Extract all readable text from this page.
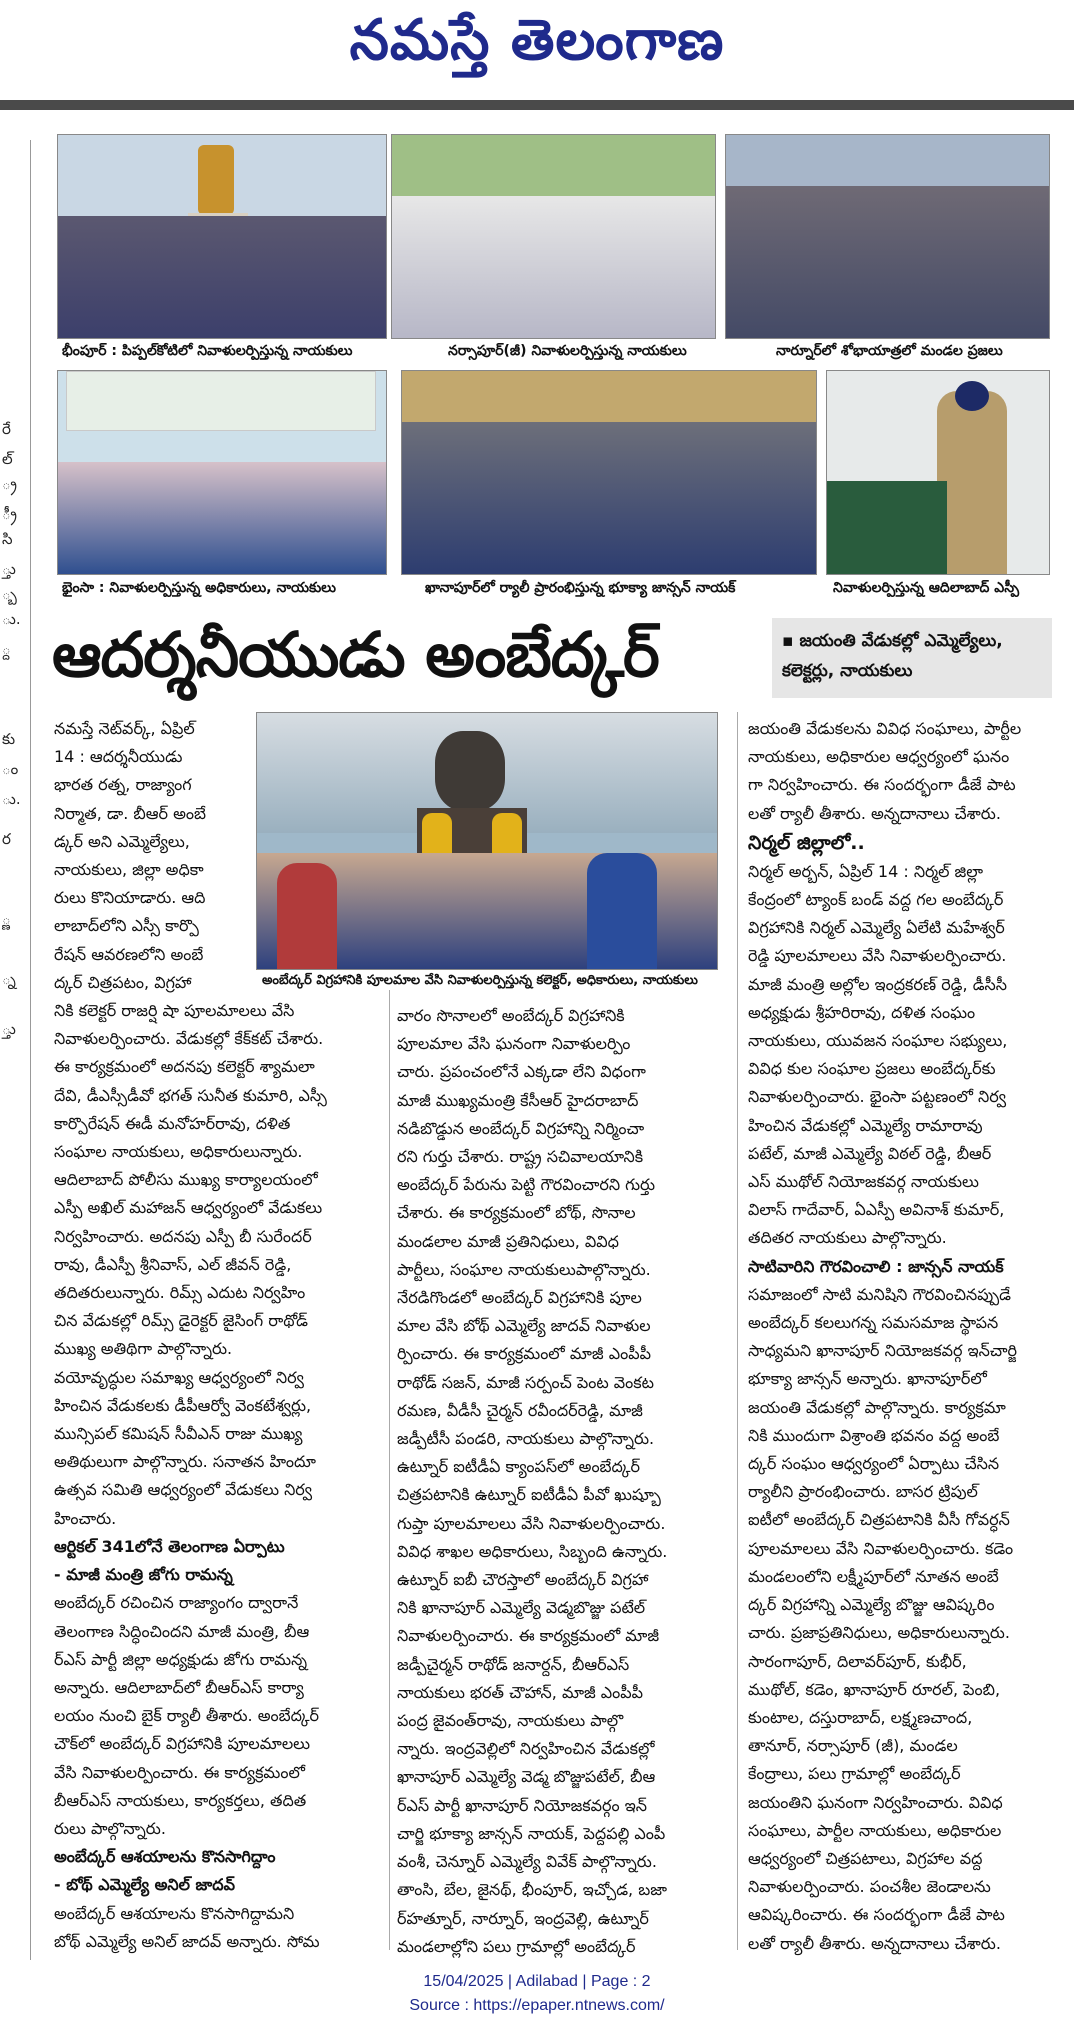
నమస్తే తెలంగాణ
రే
ల్
్ర
్రీ
సి
్తు
్బ
ు.
్ద
కు
ం
ు.
ర
్ణ
్న
్తు
భీంపూర్ : పిప్పల్‌కోటిలో నివాళులర్పిస్తున్న నాయకులు	నర్సాపూర్(జీ) నివాళులర్పిస్తున్న నాయకులు	నార్నూర్‌లో శోభాయాత్రలో మండల ప్రజలు
భైంసా : నివాళులర్పిస్తున్న అధికారులు, నాయకులు	ఖానాపూర్‌లో ర్యాలీ ప్రారంభిస్తున్న భూక్యా జాన్సన్ నాయక్	నివాళులర్పిస్తున్న ఆదిలాబాద్ ఎస్పీ
ఆదర్శనీయుడు అంబేద్కర్	▪ జయంతి వేడుకల్లో ఎమ్మెల్యేలు,
కలెక్టర్లు, నాయకులు
అంబేద్కర్ విగ్రహానికి పూలమాల వేసి నివాళులర్పిస్తున్న కలెక్టర్, అధికారులు, నాయకులు

నమస్తే నెట్‌వర్క్, ఏప్రిల్

14 : ఆదర్శనీయుడు

భారత రత్న, రాజ్యాంగ

నిర్మాత, డా. బీఆర్ అంబే

డ్కర్ అని ఎమ్మెల్యేలు,

నాయకులు, జిల్లా అధికా

రులు కొనియాడారు. ఆది

లాబాద్‌లోని ఎస్సీ కార్పొ

రేషన్ ఆవరణలోని అంబే

ద్కర్ చిత్రపటం, విగ్రహా

నికి కలెక్టర్ రాజర్షి షా పూలమాలలు వేసి

నివాళులర్పించారు. వేడుకల్లో కేక్‌కట్ చేశారు.

ఈ కార్యక్రమంలో అదనపు కలెక్టర్ శ్యామలా

దేవి, డీఎస్సీడీవో భగత్ సునీత కుమారి, ఎస్సీ

కార్పొరేషన్ ఈడీ మనోహర్‌రావు, దళిత

సంఘాల నాయకులు, అధికారులున్నారు.

ఆదిలాబాద్ పోలీసు ముఖ్య కార్యాలయంలో

ఎస్పీ అఖిల్ మహాజన్ ఆధ్వర్యంలో వేడుకలు

నిర్వహించారు. అదనపు ఎస్పీ బీ సురేందర్

రావు, డీఎస్పీ శ్రీనివాస్, ఎల్ జీవన్ రెడ్డి,

తదితరులున్నారు. రిమ్స్ ఎదుట నిర్వహిం

చిన వేడుకల్లో రిమ్స్ డైరెక్టర్ జైసింగ్ రాథోడ్

ముఖ్య అతిథిగా పాల్గొన్నారు.

వయోవృద్ధుల సమాఖ్య ఆధ్వర్యంలో నిర్వ

హించిన వేడుకలకు డీపీఆర్వో వెంకటేశ్వర్లు,

మున్సిపల్ కమిషన్ సీవీఎన్ రాజు ముఖ్య

అతిథులుగా పాల్గొన్నారు. సనాతన హిందూ

ఉత్సవ సమితి ఆధ్వర్యంలో వేడుకలు నిర్వ

హించారు.

ఆర్టికల్ 341లోనే తెలంగాణ ఏర్పాటు

- మాజీ మంత్రి జోగు రామన్న

అంబేద్కర్ రచించిన రాజ్యాంగం ద్వారానే

తెలంగాణ సిద్ధించిందని మాజీ మంత్రి, బీఆ

ర్ఎస్ పార్టీ జిల్లా అధ్యక్షుడు జోగు రామన్న

అన్నారు. ఆదిలాబాద్‌లో బీఆర్ఎస్ కార్యా

లయం నుంచి బైక్ ర్యాలీ తీశారు. అంబేద్కర్

చౌక్‌లో అంబేద్కర్ విగ్రహానికి పూలమాలలు

వేసి నివాళులర్పించారు. ఈ కార్యక్రమంలో

బీఆర్ఎస్ నాయకులు, కార్యకర్తలు, తదిత

రులు పాల్గొన్నారు.

అంబేద్కర్ ఆశయాలను కొనసాగిద్దాం

- బోథ్ ఎమ్మెల్యే అనిల్ జాదవ్

అంబేద్కర్ ఆశయాలను కొనసాగిద్దామని

బోథ్ ఎమ్మెల్యే అనిల్ జాదవ్ అన్నారు. సోమ

వారం సొనాలలో అంబేద్కర్ విగ్రహానికి

పూలమాల వేసి ఘనంగా నివాళులర్పిం

చారు. ప్రపంచంలోనే ఎక్కడా లేని విధంగా

మాజీ ముఖ్యమంత్రి కేసీఆర్ హైదరాబాద్

నడిబొడ్డున అంబేద్కర్ విగ్రహాన్ని నిర్మించా

రని గుర్తు చేశారు. రాష్ట్ర సచివాలయానికి

అంబేద్కర్ పేరును పెట్టి గౌరవించారని గుర్తు

చేశారు. ఈ కార్యక్రమంలో బోథ్, సొనాల

మండలాల మాజీ ప్రతినిధులు, వివిధ

పార్టీలు, సంఘాల నాయకులుపాల్గొన్నారు.

నేరడిగొండలో అంబేద్కర్ విగ్రహానికి పూల

మాల వేసి బోథ్ ఎమ్మెల్యే జాదవ్ నివాళుల

ర్పించారు. ఈ కార్యక్రమంలో మాజీ ఎంపీపీ

రాథోడ్ సజన్, మాజీ సర్పంచ్ పెంట వెంకట

రమణ, వీడీసీ చైర్మన్ రవీందర్‌రెడ్డి, మాజీ

జడ్పీటీసీ పండరి, నాయకులు పాల్గొన్నారు.

ఉట్నూర్ ఐటీడీఏ క్యాంపస్‌లో అంబేద్కర్

చిత్రపటానికి ఉట్నూర్ ఐటీడీఏ పీవో ఖుష్బూ

గుప్తా పూలమాలలు వేసి నివాళులర్పించారు.

వివిధ శాఖల అధికారులు, సిబ్బంది ఉన్నారు.

ఉట్నూర్ ఐబీ చౌరస్తాలో అంబేద్కర్ విగ్రహా

నికి ఖానాపూర్ ఎమ్మెల్యే వెడ్మబొజ్జు పటేల్

నివాళులర్పించారు. ఈ కార్యక్రమంలో మాజీ

జడ్పీచైర్మన్ రాథోడ్ జనార్దన్, బీఆర్ఎస్

నాయకులు భరత్ చౌహాన్, మాజీ ఎంపీపీ

పంద్ర జైవంత్‌రావు, నాయకులు పాల్గొ

న్నారు. ఇంద్రవెల్లిలో నిర్వహించిన వేడుకల్లో

ఖానాపూర్ ఎమ్మెల్యే వెడ్మ బొజ్జుపటేల్, బీఆ

ర్ఎస్ పార్టీ ఖానాపూర్ నియోజకవర్గం ఇన్

చార్జి భూక్యా జాన్సన్ నాయక్, పెద్దపల్లి ఎంపీ

వంశీ, చెన్నూర్ ఎమ్మెల్యే వివేక్ పాల్గొన్నారు.

తాంసి, బేల, జైనథ్, భీంపూర్, ఇచ్చోడ, బజా

ర్‌హత్నూర్, నార్నూర్, ఇంద్రవెల్లి, ఉట్నూర్

మండలాల్లోని పలు గ్రామాల్లో అంబేద్కర్

జయంతి వేడుకలను వివిధ సంఘాలు, పార్టీల

నాయకులు, అధికారుల ఆధ్వర్యంలో ఘనం

గా నిర్వహించారు. ఈ సందర్భంగా డీజే పాట

లతో ర్యాలీ తీశారు. అన్నదానాలు చేశారు.

నిర్మల్ జిల్లాలో..

నిర్మల్ అర్బన్, ఏప్రిల్ 14 : నిర్మల్ జిల్లా

కేంద్రంలో ట్యాంక్ బండ్ వద్ద గల అంబేద్కర్

విగ్రహానికి నిర్మల్ ఎమ్మెల్యే ఏలేటి మహేశ్వర్

రెడ్డి పూలమాలలు వేసి నివాళులర్పించారు.

మాజీ మంత్రి అల్లోల ఇంద్రకరణ్ రెడ్డి, డీసీసీ

అధ్యక్షుడు శ్రీహరిరావు, దళిత సంఘం

నాయకులు, యువజన సంఘాల సభ్యులు,

వివిధ కుల సంఘాల ప్రజలు అంబేద్కర్‌కు

నివాళులర్పించారు. భైంసా పట్టణంలో నిర్వ

హించిన వేడుకల్లో ఎమ్మెల్యే రామారావు

పటేల్, మాజీ ఎమ్మెల్యే విఠల్ రెడ్డి, బీఆర్

ఎస్ ముథోల్ నియోజకవర్గ నాయకులు

విలాస్ గాదేవార్, ఏఎస్పీ అవినాశ్ కుమార్,

తదితర నాయకులు పాల్గొన్నారు.

సాటివారిని గౌరవించాలి : జాన్సన్ నాయక్

సమాజంలో సాటి మనిషిని గౌరవించినప్పుడే

అంబేద్కర్ కలలుగన్న సమసమాజ స్థాపన

సాధ్యమని ఖానాపూర్ నియోజకవర్గ ఇన్‌చార్జి

భూక్యా జాన్సన్ అన్నారు. ఖానాపూర్‌లో

జయంతి వేడుకల్లో పాల్గొన్నారు. కార్యక్రమా

నికి ముందుగా విశ్రాంతి భవనం వద్ద అంబే

ద్కర్ సంఘం ఆధ్వర్యంలో ఏర్పాటు చేసిన

ర్యాలీని ప్రారంభించారు. బాసర ట్రిపుల్

ఐటీలో అంబేద్కర్ చిత్రపటానికి వీసీ గోవర్ధన్

పూలమాలలు వేసి నివాళులర్పించారు. కడెం

మండలంలోని లక్ష్మీపూర్‌లో నూతన అంబే

ద్కర్ విగ్రహాన్ని ఎమ్మెల్యే బొజ్జు ఆవిష్కరిం

చారు. ప్రజాప్రతినిధులు, అధికారులున్నారు.

సారంగాపూర్, దిలావర్‌పూర్, కుభీర్,

ముథోల్, కడెం, ఖానాపూర్ రూరల్, పెంబి,

కుంటాల, దస్తురాబాద్, లక్ష్మణచాంద,

తానూర్, నర్సాపూర్ (జీ), మండల

కేంద్రాలు, పలు గ్రామాల్లో అంబేద్కర్

జయంతిని ఘనంగా నిర్వహించారు. వివిధ

సంఘాలు, పార్టీల నాయకులు, అధికారుల

ఆధ్వర్యంలో చిత్రపటాలు, విగ్రహాల వద్ద

నివాళులర్పించారు. పంచశీల జెండాలను

ఆవిష్కరించారు. ఈ సందర్భంగా డీజే పాట

లతో ర్యాలీ తీశారు. అన్నదానాలు చేశారు.

15/04/2025 | Adilabad | Page : 2
Source : https://epaper.ntnews.com/
